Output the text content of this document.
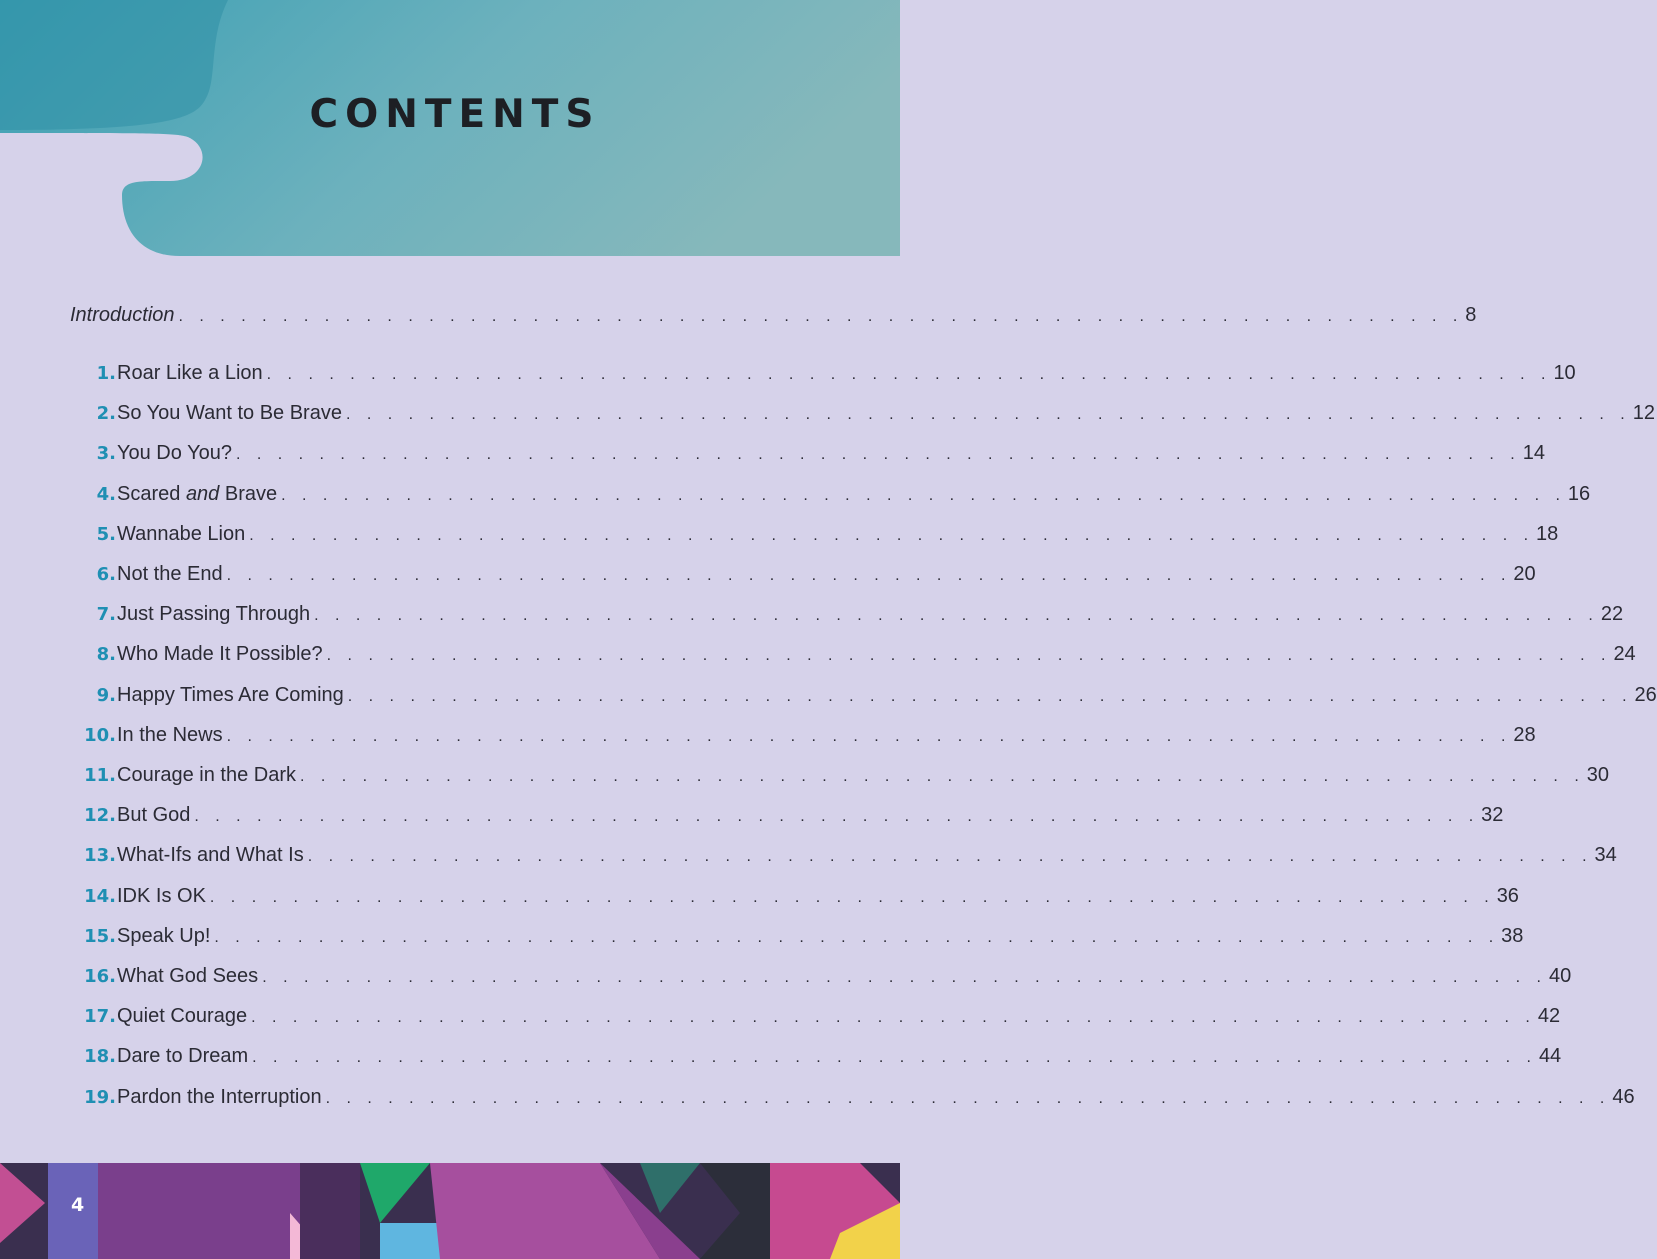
CONTENTS
Introduction . . . . . . . . . . . . . . . . . . . . . . . . . . . . . . . . . . . . . . . . . . . . . . . . . . . . . . . . . . . . . . 8
1. Roar Like a Lion . . . . . . . . . . . . . . . . . . . . . . . . . . . . . . . . . . . . . . . . . . . . . . . . . . . . . . . . . . . . . . 10
2. So You Want to Be Brave . . . . . . . . . . . . . . . . . . . . . . . . . . . . . . . . . . . . . . . . . . . . . . . . . . . . . . . . . . . . . . 12
3. You Do You? . . . . . . . . . . . . . . . . . . . . . . . . . . . . . . . . . . . . . . . . . . . . . . . . . . . . . . . . . . . . . . 14
4. Scared and Brave . . . . . . . . . . . . . . . . . . . . . . . . . . . . . . . . . . . . . . . . . . . . . . . . . . . . . . . . . . . . . . 16
5. Wannabe Lion . . . . . . . . . . . . . . . . . . . . . . . . . . . . . . . . . . . . . . . . . . . . . . . . . . . . . . . . . . . . . . 18
6. Not the End . . . . . . . . . . . . . . . . . . . . . . . . . . . . . . . . . . . . . . . . . . . . . . . . . . . . . . . . . . . . . . 20
7. Just Passing Through . . . . . . . . . . . . . . . . . . . . . . . . . . . . . . . . . . . . . . . . . . . . . . . . . . . . . . . . . . . . . . 22
8. Who Made It Possible? . . . . . . . . . . . . . . . . . . . . . . . . . . . . . . . . . . . . . . . . . . . . . . . . . . . . . . . . . . . . . . 24
9. Happy Times Are Coming . . . . . . . . . . . . . . . . . . . . . . . . . . . . . . . . . . . . . . . . . . . . . . . . . . . . . . . . . . . . . . 26
10. In the News . . . . . . . . . . . . . . . . . . . . . . . . . . . . . . . . . . . . . . . . . . . . . . . . . . . . . . . . . . . . . . 28
11. Courage in the Dark . . . . . . . . . . . . . . . . . . . . . . . . . . . . . . . . . . . . . . . . . . . . . . . . . . . . . . . . . . . . . . 30
12. But God . . . . . . . . . . . . . . . . . . . . . . . . . . . . . . . . . . . . . . . . . . . . . . . . . . . . . . . . . . . . . . 32
13. What-Ifs and What Is . . . . . . . . . . . . . . . . . . . . . . . . . . . . . . . . . . . . . . . . . . . . . . . . . . . . . . . . . . . . . . 34
14. IDK Is OK . . . . . . . . . . . . . . . . . . . . . . . . . . . . . . . . . . . . . . . . . . . . . . . . . . . . . . . . . . . . . . 36
15. Speak Up! . . . . . . . . . . . . . . . . . . . . . . . . . . . . . . . . . . . . . . . . . . . . . . . . . . . . . . . . . . . . . . 38
16. What God Sees . . . . . . . . . . . . . . . . . . . . . . . . . . . . . . . . . . . . . . . . . . . . . . . . . . . . . . . . . . . . . . 40
17. Quiet Courage . . . . . . . . . . . . . . . . . . . . . . . . . . . . . . . . . . . . . . . . . . . . . . . . . . . . . . . . . . . . . . 42
18. Dare to Dream . . . . . . . . . . . . . . . . . . . . . . . . . . . . . . . . . . . . . . . . . . . . . . . . . . . . . . . . . . . . . . 44
19. Pardon the Interruption . . . . . . . . . . . . . . . . . . . . . . . . . . . . . . . . . . . . . . . . . . . . . . . . . . . . . . . . . . . . . . 46
4
